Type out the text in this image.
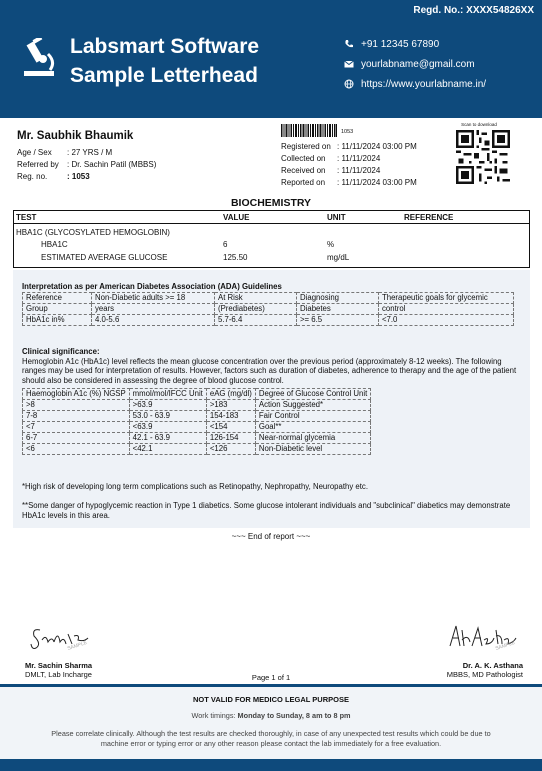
Regd. No.: XXXX54826XX
Labsmart Software
Sample Letterhead
+91 12345 67890
yourlabname@gmail.com
https://www.yourlabname.in/
Mr. Saubhik Bhaumik
Age / Sex	: 27 YRS / M
Referred by	: Dr. Sachin Patil (MBBS)
Reg. no.	: 1053
1053
Registered on : 11/11/2024 03:00 PM
Collected on	: 11/11/2024
Received on	: 11/11/2024
Reported on	: 11/11/2024 03:00 PM
Scan to download
BIOCHEMISTRY
TEST	VALUE	UNIT	REFERENCE
HBA1C (GLYCOSYLATED HEMOGLOBIN)
HBA1C	6	%
ESTIMATED AVERAGE GLUCOSE	125.50	mg/dL
Interpretation as per American Diabetes Association (ADA) Guidelines
Reference	Non-Diabetic adults >= 18	At Risk	Diagnosing	Therapeutic goals for glycemic
Group	years	(Prediabetes)	Diabetes	control
HbA1c in%	4.0-5.6	5.7-6.4	>= 6.5	<7.0
Clinical significance:
Hemoglobin A1c (HbA1c) level reflects the mean glucose concentration over the previous period (approximately 8-12 weeks). The following ranges may be used for interpretation of results. However, factors such as duration of diabetes, adherence to therapy and the age of the patient should also be considered in assessing the degree of blood glucose control.
Haemoglobin A1c (%) NGSP	mmol/mol/IFCC Unit	eAG (mg/dl)	Degree of Glucose Control Unit
>8	>63.9	>183	Action Suggested*
7-8	53.0 - 63.9	154-183	Fair Control
<7	<63.9	<154	Goal**
6-7	42.1 - 63.9	126-154	Near-normal glycemia
<6	<42.1	<126	Non-Diabetic level
*High risk of developing long term complications such as Retinopathy, Nephropathy, Neuropathy etc.
**Some danger of hypoglycemic reaction in Type 1 diabetics. Some glucose intolerant individuals and "subclinical" diabetics may demonstrate HbA1c levels in this area.
~~~ End of report ~~~
SAMPLE
Mr. Sachin Sharma
DMLT, Lab Incharge
SAMPLE
Dr. A. K. Asthana
MBBS, MD Pathologist
Page 1 of 1
NOT VALID FOR MEDICO LEGAL PURPOSE
Work timings: Monday to Sunday, 8 am to 8 pm
Please correlate clinically. Although the test results are checked thoroughly, in case of any unexpected test results which could be due to machine error or typing error or any other reason please contact the lab immediately for a free evaluation.
